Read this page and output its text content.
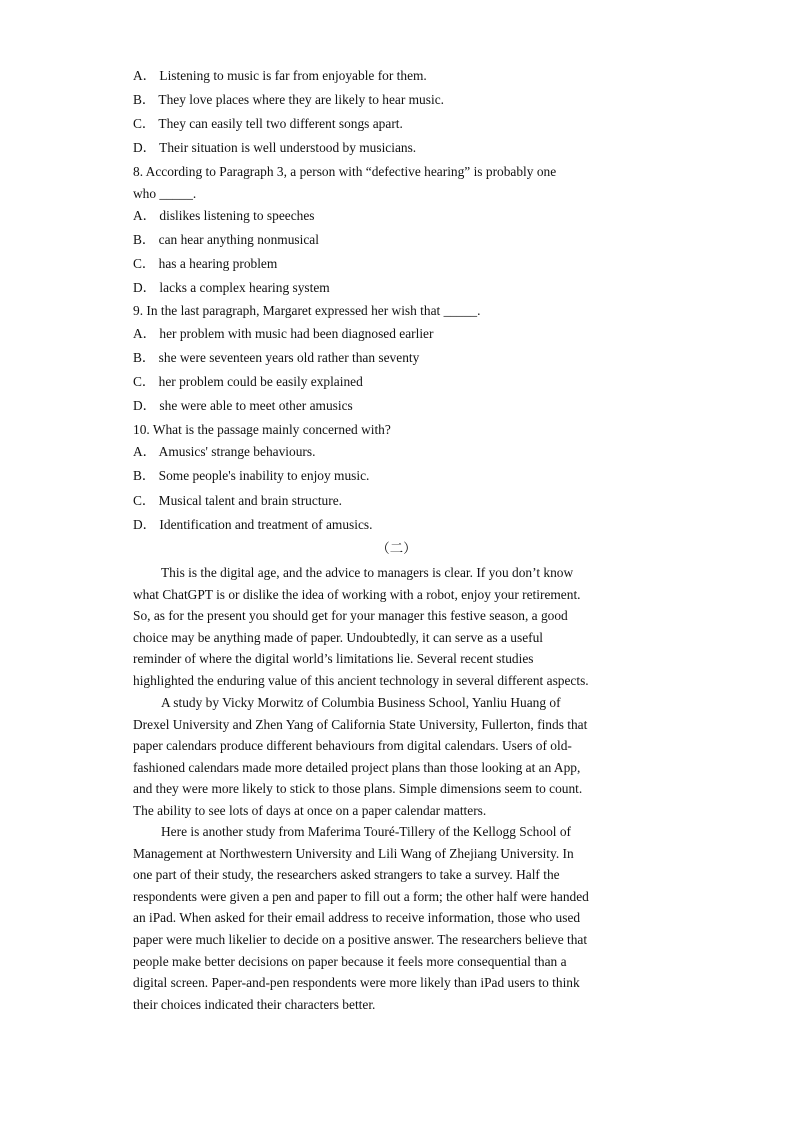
A． Listening to music is far from enjoyable for them.
B． They love places where they are likely to hear music.
C． They can easily tell two different songs apart.
D． Their situation is well understood by musicians.
8. According to Paragraph 3, a person with “defective hearing” is probably one
who _____.
A． dislikes listening to speeches
B． can hear anything nonmusical
C． has a hearing problem
D． lacks a complex hearing system
9. In the last paragraph, Margaret expressed her wish that _____.
A． her problem with music had been diagnosed earlier
B． she were seventeen years old rather than seventy
C． her problem could be easily explained
D． she were able to meet other amusics
10. What is the passage mainly concerned with?
A． Amusics' strange behaviours.
B． Some people's inability to enjoy music.
C． Musical talent and brain structure.
D． Identification and treatment of amusics.
（二）
This is the digital age, and the advice to managers is clear. If you don’t know
what ChatGPT is or dislike the idea of working with a robot, enjoy your retirement.
So, as for the present you should get for your manager this festive season, a good
choice may be anything made of paper. Undoubtedly, it can serve as a useful
reminder of where the digital world’s limitations lie. Several recent studies
highlighted the enduring value of this ancient technology in several different aspects.
A study by Vicky Morwitz of Columbia Business School, Yanliu Huang of
Drexel University and Zhen Yang of California State University, Fullerton, finds that
paper calendars produce different behaviours from digital calendars. Users of old-
fashioned calendars made more detailed project plans than those looking at an App,
and they were more likely to stick to those plans. Simple dimensions seem to count.
The ability to see lots of days at once on a paper calendar matters.
Here is another study from Maferima Touré-Tillery of the Kellogg School of
Management at Northwestern University and Lili Wang of Zhejiang University. In
one part of their study, the researchers asked strangers to take a survey. Half the
respondents were given a pen and paper to fill out a form; the other half were handed
an iPad. When asked for their email address to receive information, those who used
paper were much likelier to decide on a positive answer. The researchers believe that
people make better decisions on paper because it feels more consequential than a
digital screen. Paper-and-pen respondents were more likely than iPad users to think
their choices indicated their characters better.
